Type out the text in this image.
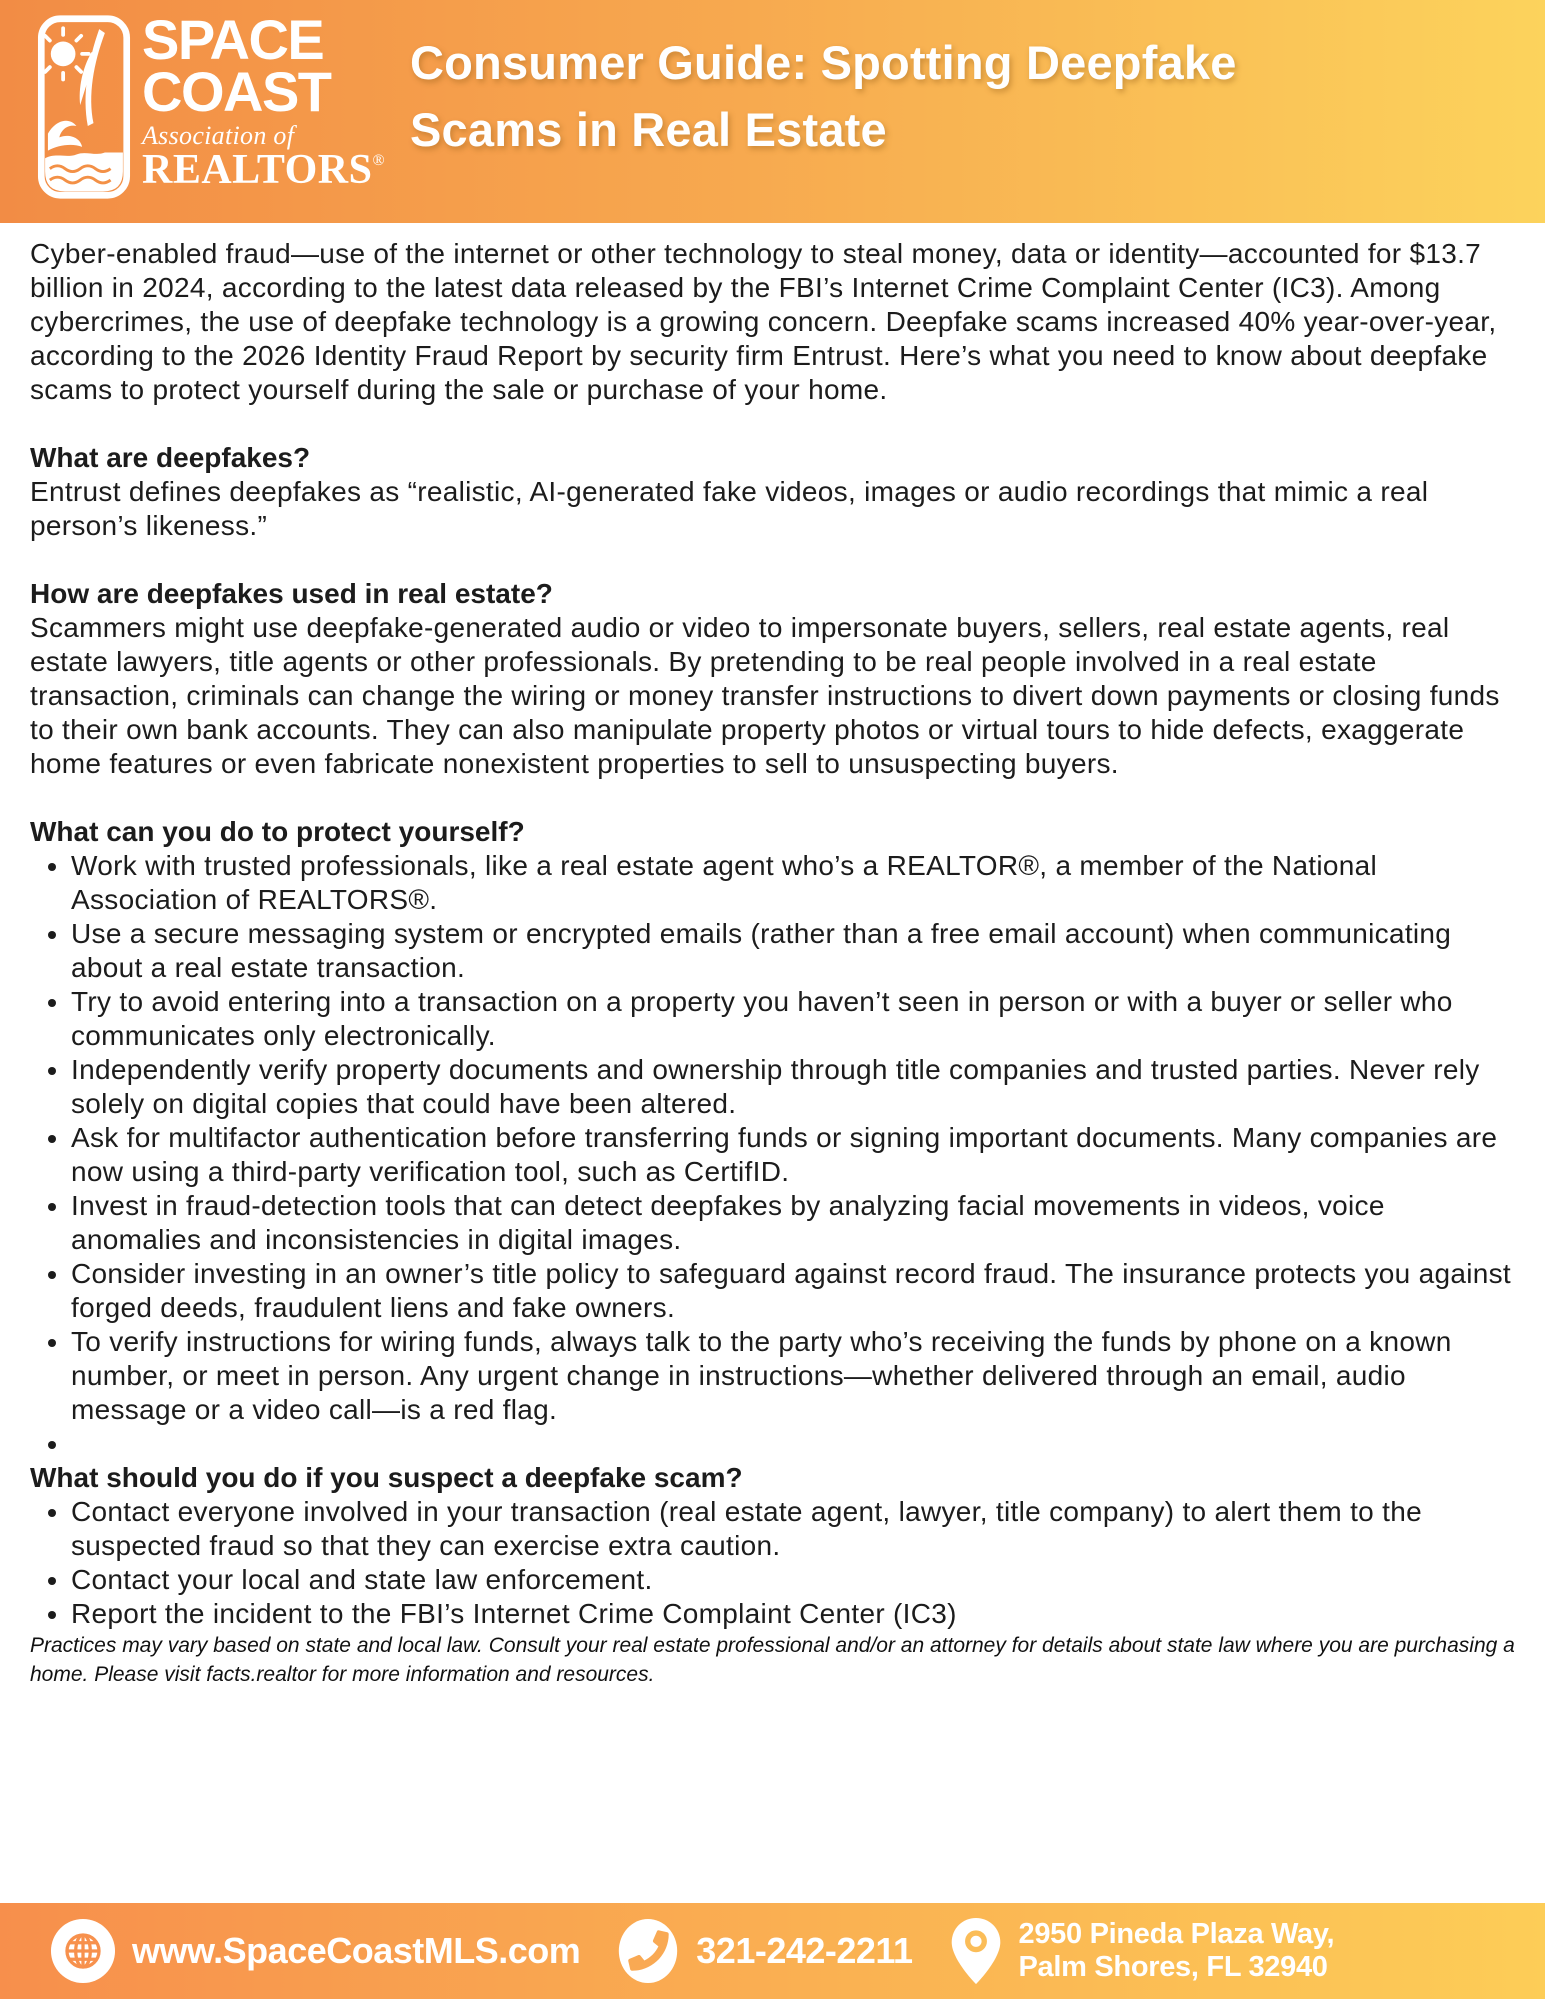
SPACE
COAST
Association of
REALTORS®
Consumer Guide: Spotting Deepfake
Scams in Real Estate

Cyber-enabled fraud—use of the internet or other technology to steal money, data or identity—accounted for $13.7 billion in 2024, according to the latest data released by the FBI’s Internet Crime Complaint Center (IC3). Among cybercrimes, the use of deepfake technology is a growing concern. Deepfake scams increased 40% year-over-year, according to the 2026 Identity Fraud Report by security firm Entrust. Here’s what you need to know about deepfake scams to protect yourself during the sale or purchase of your home.

What are deepfakes?

Entrust defines deepfakes as “realistic, AI-generated fake videos, images or audio recordings that mimic a real person’s likeness.”

How are deepfakes used in real estate?

Scammers might use deepfake-generated audio or video to impersonate buyers, sellers, real estate agents, real estate lawyers, title agents or other professionals. By pretending to be real people involved in a real estate transaction, criminals can change the wiring or money transfer instructions to divert down payments or closing funds to their own bank accounts. They can also manipulate property photos or virtual tours to hide defects, exaggerate home features or even fabricate nonexistent properties to sell to unsuspecting buyers.

What can you do to protect yourself?
• Work with trusted professionals, like a real estate agent who’s a REALTOR®, a member of the National Association of REALTORS®.
• Use a secure messaging system or encrypted emails (rather than a free email account) when communicating about a real estate transaction.
• Try to avoid entering into a transaction on a property you haven’t seen in person or with a buyer or seller who communicates only electronically.
• Independently verify property documents and ownership through title companies and trusted parties. Never rely solely on digital copies that could have been altered.
• Ask for multifactor authentication before transferring funds or signing important documents. Many companies are now using a third-party verification tool, such as CertifID.
• Invest in fraud-detection tools that can detect deepfakes by analyzing facial movements in videos, voice anomalies and inconsistencies in digital images.
• Consider investing in an owner’s title policy to safeguard against record fraud. The insurance protects you against forged deeds, fraudulent liens and fake owners.
• To verify instructions for wiring funds, always talk to the party who’s receiving the funds by phone on a known number, or meet in person. Any urgent change in instructions—whether delivered through an email, audio message or a video call—is a red flag.
•
What should you do if you suspect a deepfake scam?
• Contact everyone involved in your transaction (real estate agent, lawyer, title company) to alert them to the suspected fraud so that they can exercise extra caution.
• Contact your local and state law enforcement.
• Report the incident to the FBI’s Internet Crime Complaint Center (IC3)

Practices may vary based on state and local law. Consult your real estate professional and/or an attorney for details about state law where you are purchasing a home. Please visit facts.realtor for more information and resources.

www.SpaceCoastMLS.com	321-242-2211	2950 Pineda Plaza Way,
Palm Shores, FL 32940
